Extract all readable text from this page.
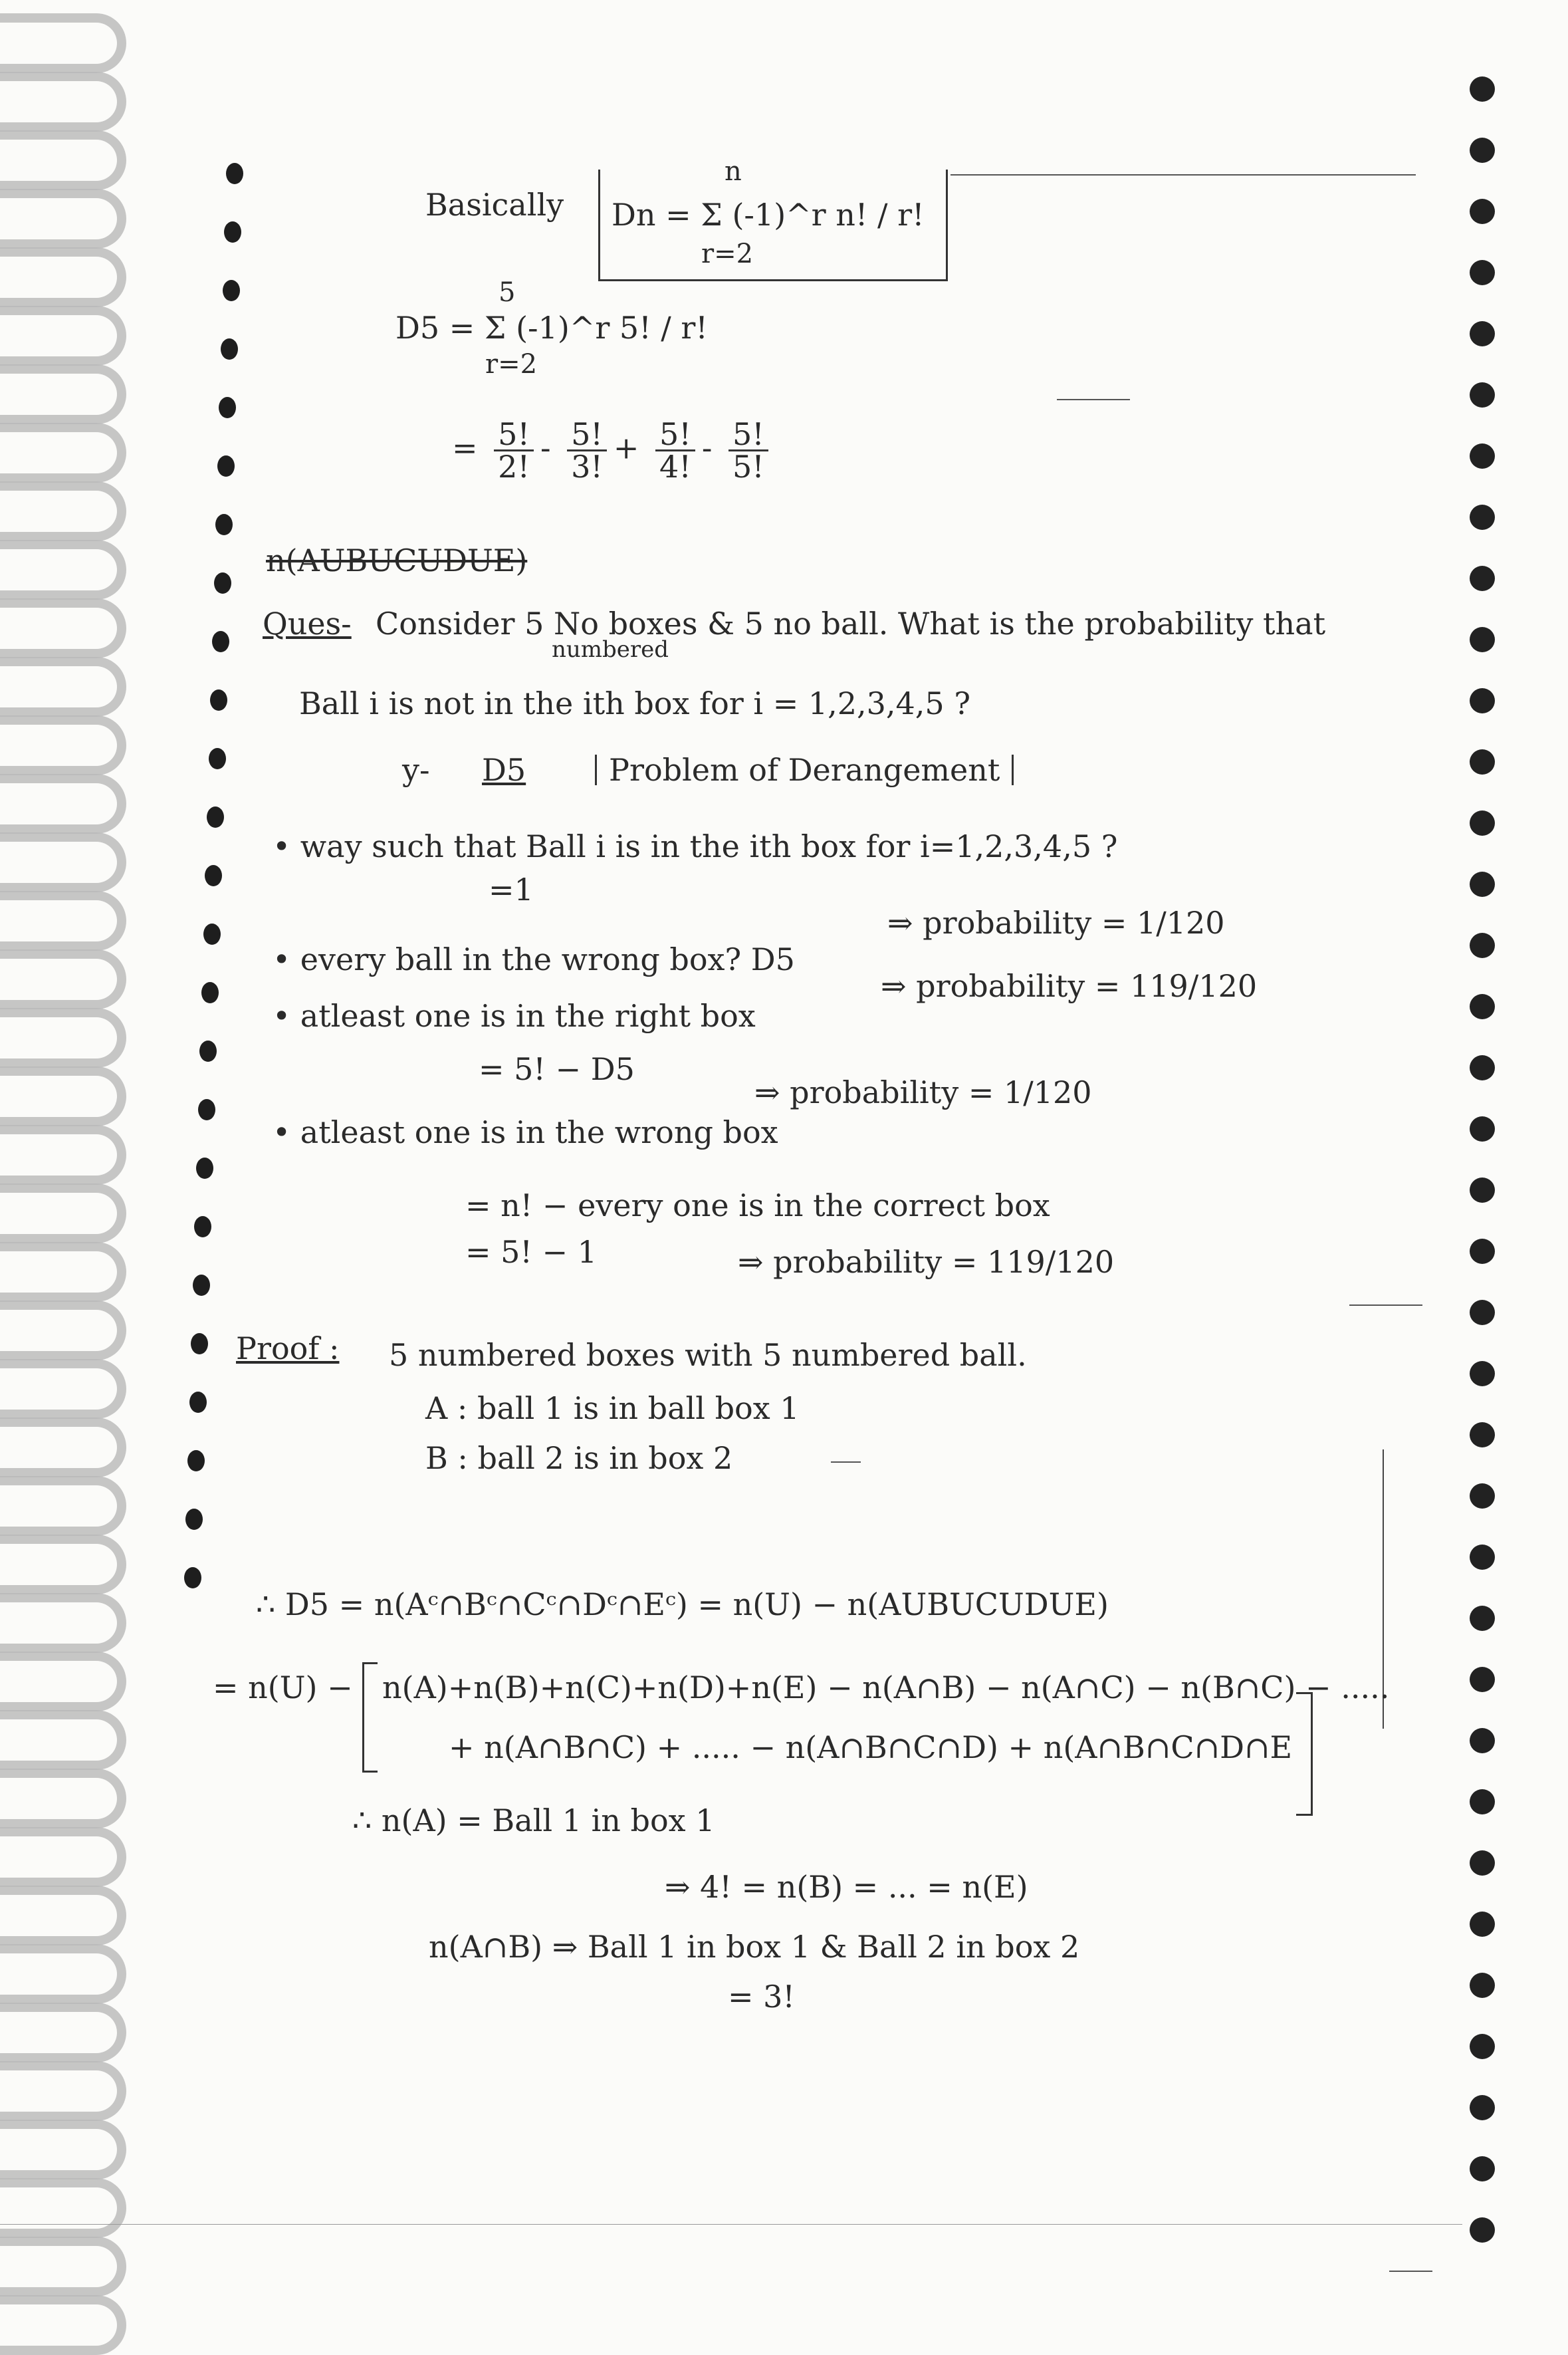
Basically Dn = Σ (-1)^r n! / r!
n
r=2
5
D5 = Σ (-1)^r 5! / r!
r=2
= $\frac{5!}{2!} - \frac{5!}{3!} + \frac{5!}{4!} - \frac{5!}{5!}$
n(AUBUCUDUE)
Ques- Consider 5 No boxes & 5 no ball. What is the probability that
numbered
Ball i is not in the ith box for i = 1,2,3,4,5 ?
y- D5	Problem of Derangement
• way such that Ball i is in the ith box for i=1,2,3,4,5 ?
=1
⇒ probability = 1/120
• every ball in the wrong box? D5
⇒ probability = 119/120
• atleast one is in the right box
= 5! − D5
⇒ probability = 1/120
• atleast one is in the wrong box
= n! − every one is in the correct box
= 5! − 1	⇒ probability = 119/120
Proof : 5 numbered boxes with 5 numbered ball.
A : ball 1 is in ball box 1
B : ball 2 is in box 2
∴ D5 = n(Aᶜ∩Bᶜ∩Cᶜ∩Dᶜ∩Eᶜ) = n(U) − n(AUBUCUDUE)
= n(U) − n(A)+n(B)+n(C)+n(D)+n(E) − n(A∩B) − n(A∩C) − n(B∩C) − .....
+ n(A∩B∩C) + ..... − n(A∩B∩C∩D) + n(A∩B∩C∩D∩E
∴ n(A) = Ball 1 in box 1
⇒ 4! = n(B) = ... = n(E)
n(A∩B) ⇒ Ball 1 in box 1 & Ball 2 in box 2
= 3!
